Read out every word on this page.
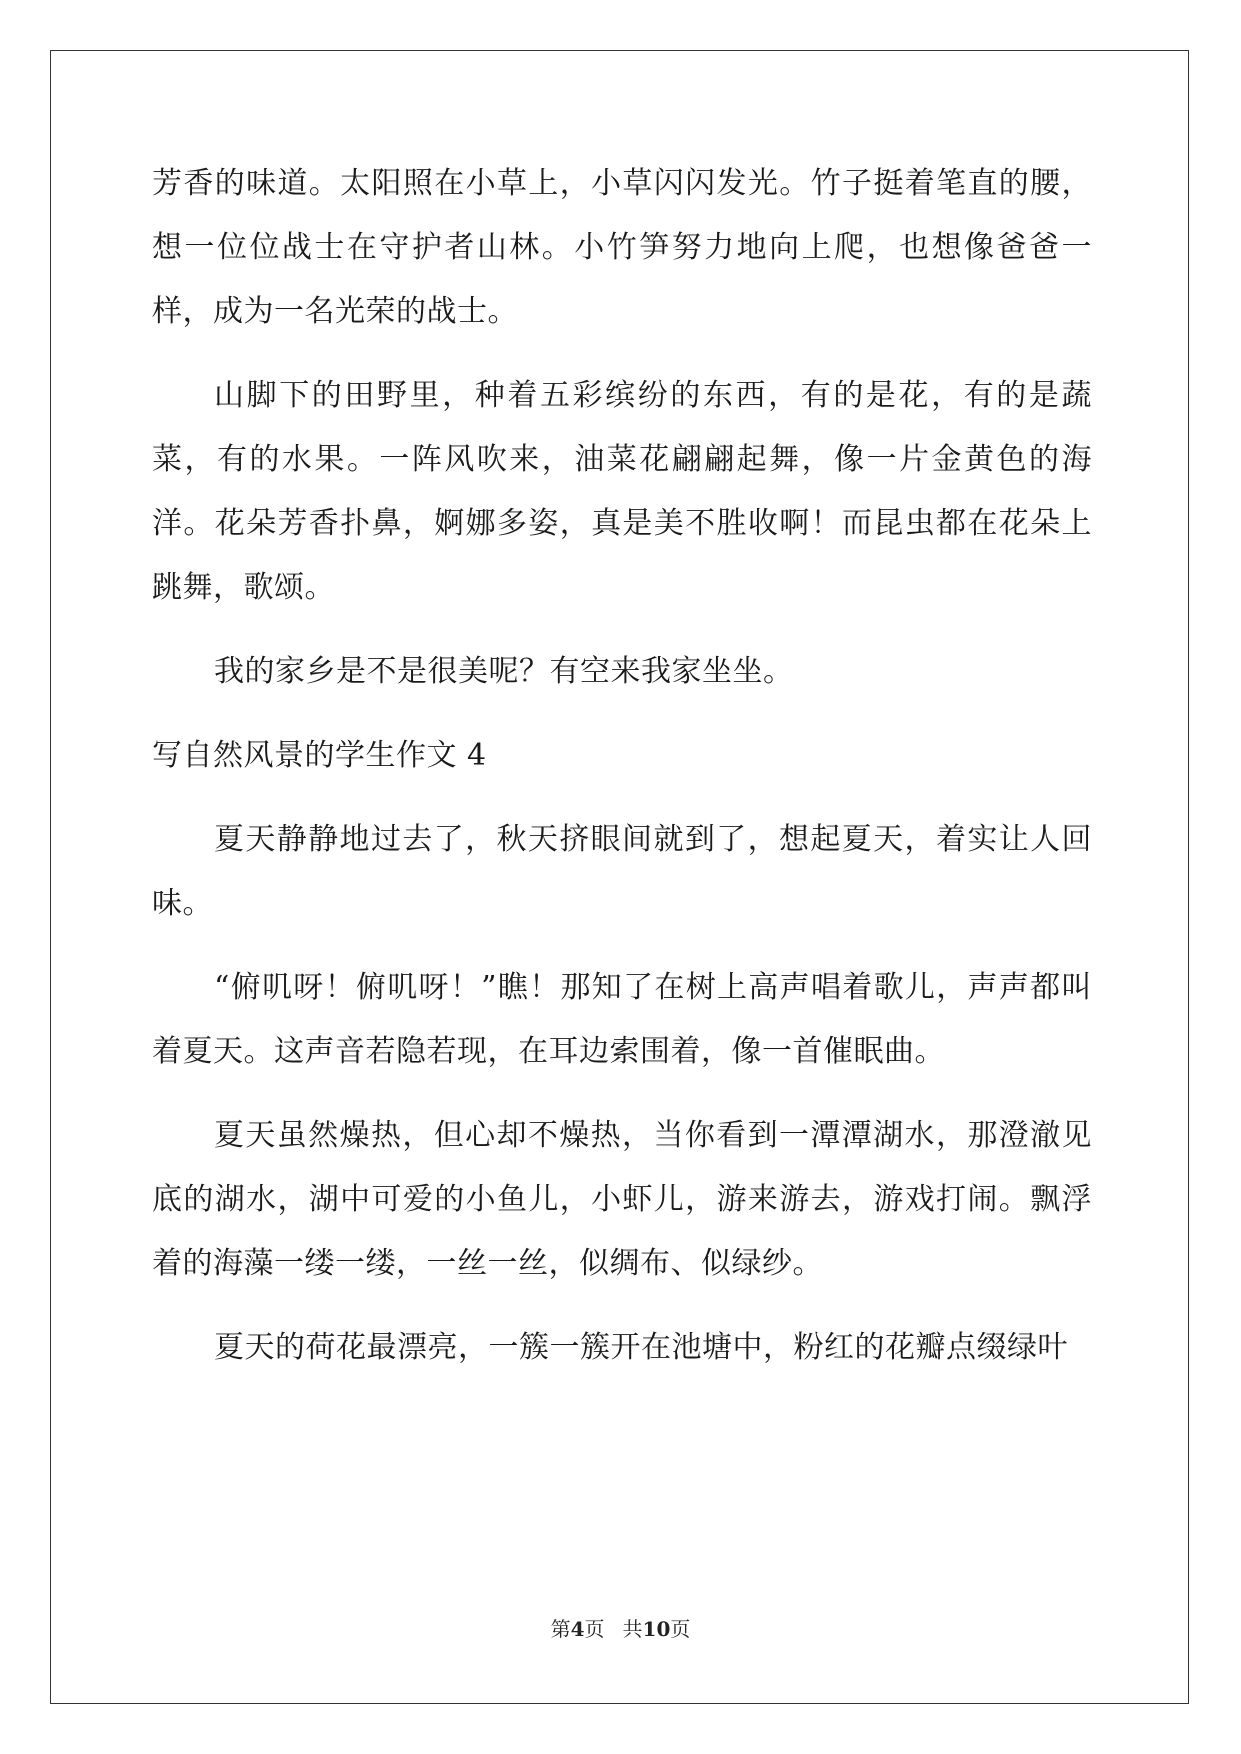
芳香的味道。太阳照在小草上，小草闪闪发光。竹子挺着笔直的腰，想一位位战士在守护者山林。小竹笋努力地向上爬，也想像爸爸一样，成为一名光荣的战士。

山脚下的田野里，种着五彩缤纷的东西，有的是花，有的是蔬菜，有的水果。一阵风吹来，油菜花翩翩起舞，像一片金黄色的海洋。花朵芳香扑鼻，婀娜多姿，真是美不胜收啊！而昆虫都在花朵上跳舞，歌颂。

我的家乡是不是很美呢？有空来我家坐坐。

写自然风景的学生作文 4

夏天静静地过去了，秋天挤眼间就到了，想起夏天，着实让人回味。

“俯叽呀！俯叽呀！”瞧！那知了在树上高声唱着歌儿，声声都叫着夏天。这声音若隐若现，在耳边索围着，像一首催眠曲。

夏天虽然燥热，但心却不燥热，当你看到一潭潭湖水，那澄澈见底的湖水，湖中可爱的小鱼儿，小虾儿，游来游去，游戏打闹。飘浮着的海藻一缕一缕，一丝一丝，似绸布、似绿纱。

夏天的荷花最漂亮，一簇一簇开在池塘中，粉红的花瓣点缀绿叶

第4页 共10页
